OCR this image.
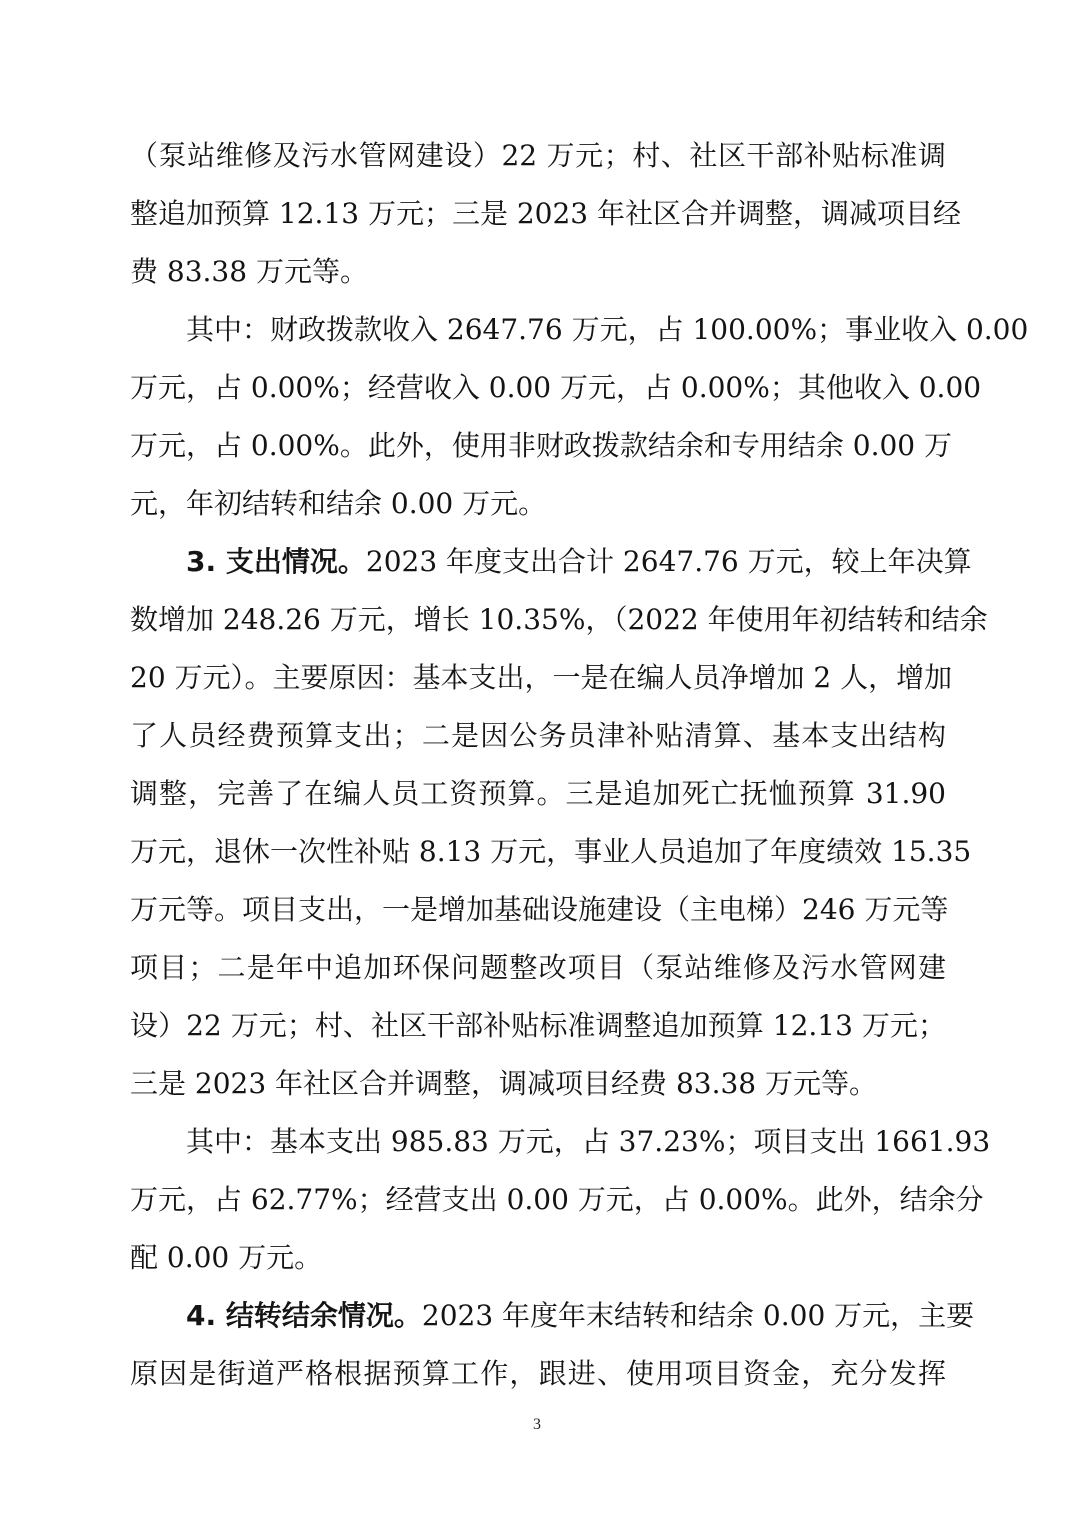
（泵站维修及污水管网建设）22 万元；村、社区干部补贴标准调
整追加预算 12.13 万元；三是 2023 年社区合并调整，调减项目经
费 83.38 万元等。
其中：财政拨款收入 2647.76 万元，占 100.00%；事业收入 0.00
万元，占 0.00%；经营收入 0.00 万元，占 0.00%；其他收入 0.00
万元，占 0.00%。此外，使用非财政拨款结余和专用结余 0.00 万
元，年初结转和结余 0.00 万元。
3. 支出情况。2023 年度支出合计 2647.76 万元，较上年决算
数增加 248.26 万元，增长 10.35%，（2022 年使用年初结转和结余
20 万元）。主要原因：基本支出，一是在编人员净增加 2 人，增加
了人员经费预算支出；二是因公务员津补贴清算、基本支出结构
调整，完善了在编人员工资预算。三是追加死亡抚恤预算 31.90
万元，退休一次性补贴 8.13 万元，事业人员追加了年度绩效 15.35
万元等。项目支出，一是增加基础设施建设（主电梯）246 万元等
项目；二是年中追加环保问题整改项目（泵站维修及污水管网建
设）22 万元；村、社区干部补贴标准调整追加预算 12.13 万元；
三是 2023 年社区合并调整，调减项目经费 83.38 万元等。
其中：基本支出 985.83 万元，占 37.23%；项目支出 1661.93
万元，占 62.77%；经营支出 0.00 万元，占 0.00%。此外，结余分
配 0.00 万元。
4. 结转结余情况。2023 年度年末结转和结余 0.00 万元，主要
原因是街道严格根据预算工作，跟进、使用项目资金，充分发挥
3
